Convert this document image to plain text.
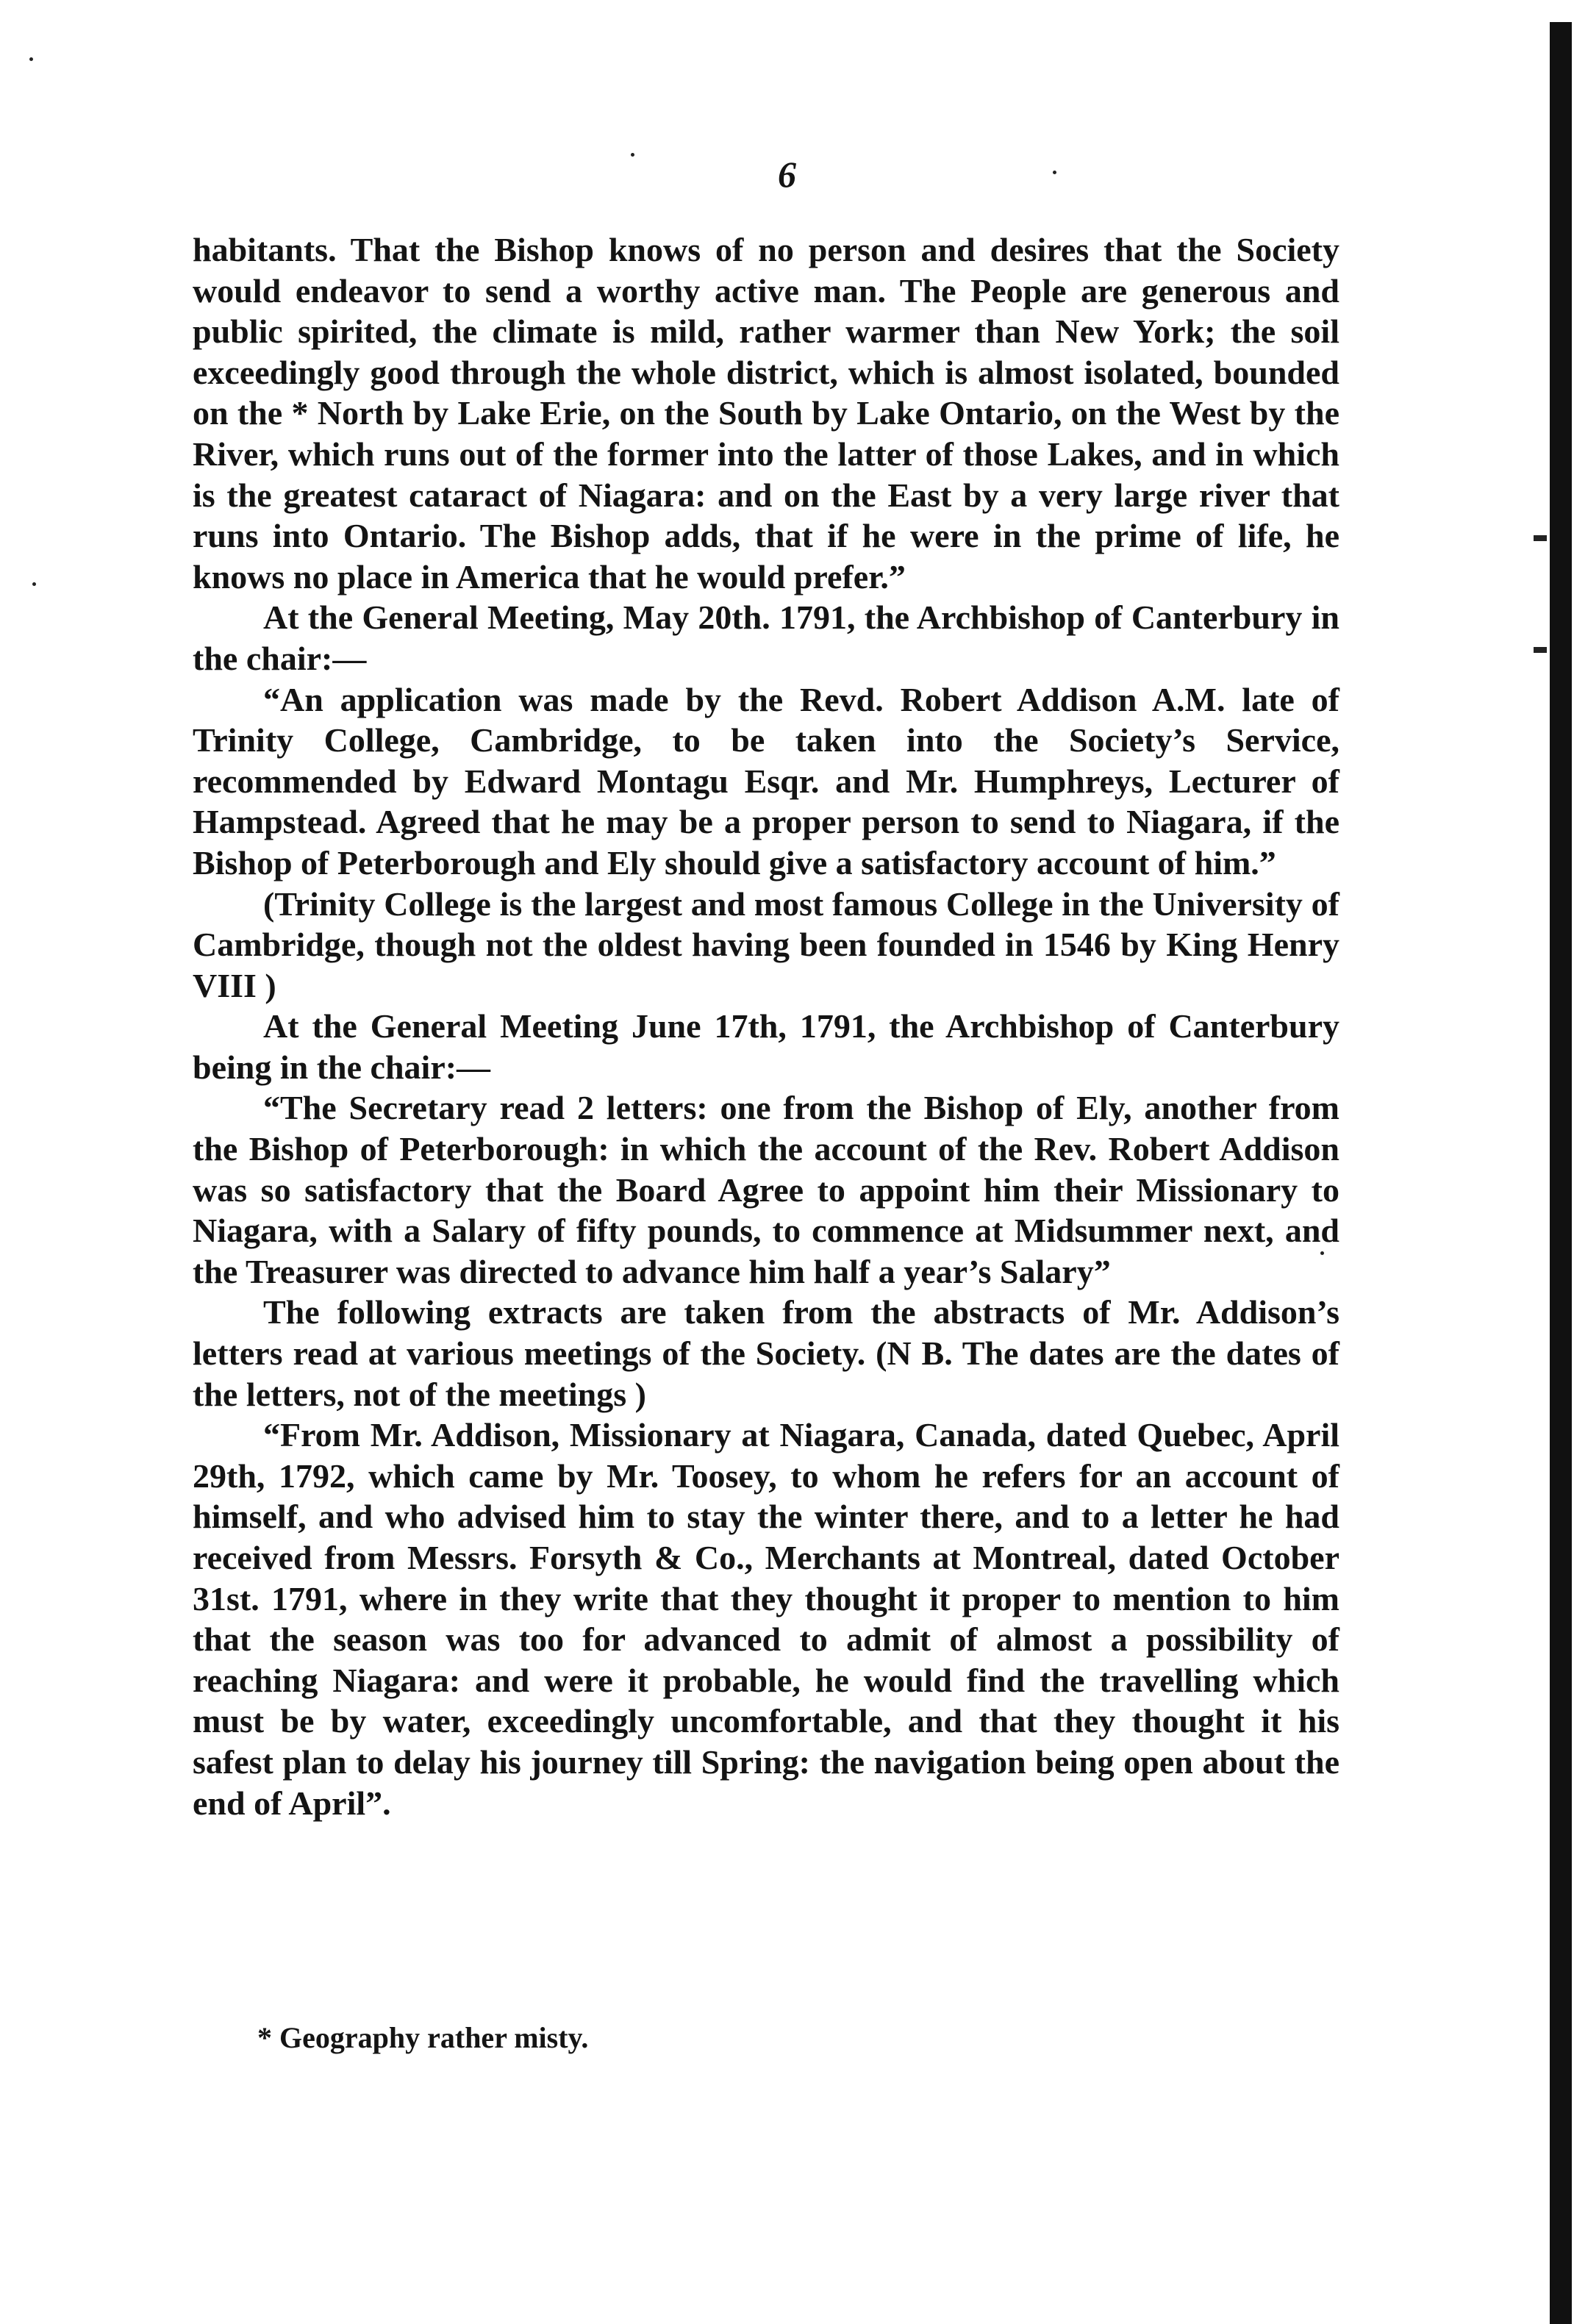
6

habitants. That the Bishop knows of no person and desires that the Society would endeavor to send a worthy active man. The People are generous and public spirited, the climate is mild, rather warmer than New York; the soil exceedingly good through the whole district, which is almost isolated, bounded on the * North by Lake Erie, on the South by Lake Ontario, on the West by the River, which runs out of the former into the latter of those Lakes, and in which is the greatest cataract of Niagara: and on the East by a very large river that runs into Ontario. The Bishop adds, that if he were in the prime of life, he knows no place in America that he would prefer.”

At the General Meeting, May 20th. 1791, the Archbishop of Canterbury in the chair:—

“An application was made by the Revd. Robert Addison A.M. late of Trinity College, Cambridge, to be taken into the Society’s Service, recommended by Edward Montagu Esqr. and Mr. Humphreys, Lecturer of Hampstead. Agreed that he may be a proper person to send to Niagara, if the Bishop of Peterborough and Ely should give a satisfactory account of him.”

(Trinity College is the largest and most famous College in the University of Cambridge, though not the oldest having been founded in 1546 by King Henry VIII )

At the General Meeting June 17th, 1791, the Archbishop of Canterbury being in the chair:—

“The Secretary read 2 letters: one from the Bishop of Ely, another from the Bishop of Peterborough: in which the account of the Rev. Robert Addison was so satisfactory that the Board Agree to appoint him their Missionary to Niagara, with a Salary of fifty pounds, to commence at Midsummer next, and the Treasurer was directed to advance him half a year’s Salary”

The following extracts are taken from the abstracts of Mr. Addison’s letters read at various meetings of the Society. (N B. The dates are the dates of the letters, not of the meetings )

“From Mr. Addison, Missionary at Niagara, Canada, dated Quebec, April 29th, 1792, which came by Mr. Toosey, to whom he refers for an account of himself, and who advised him to stay the winter there, and to a letter he had received from Messrs. Forsyth & Co., Merchants at Montreal, dated October 31st. 1791, where in they write that they thought it proper to mention to him that the season was too for advanced to admit of almost a possibility of reaching Niagara: and were it probable, he would find the travelling which must be by water, exceedingly uncomfortable, and that they thought it his safest plan to delay his journey till Spring: the navigation being open about the end of April”.

* Geography rather misty.
